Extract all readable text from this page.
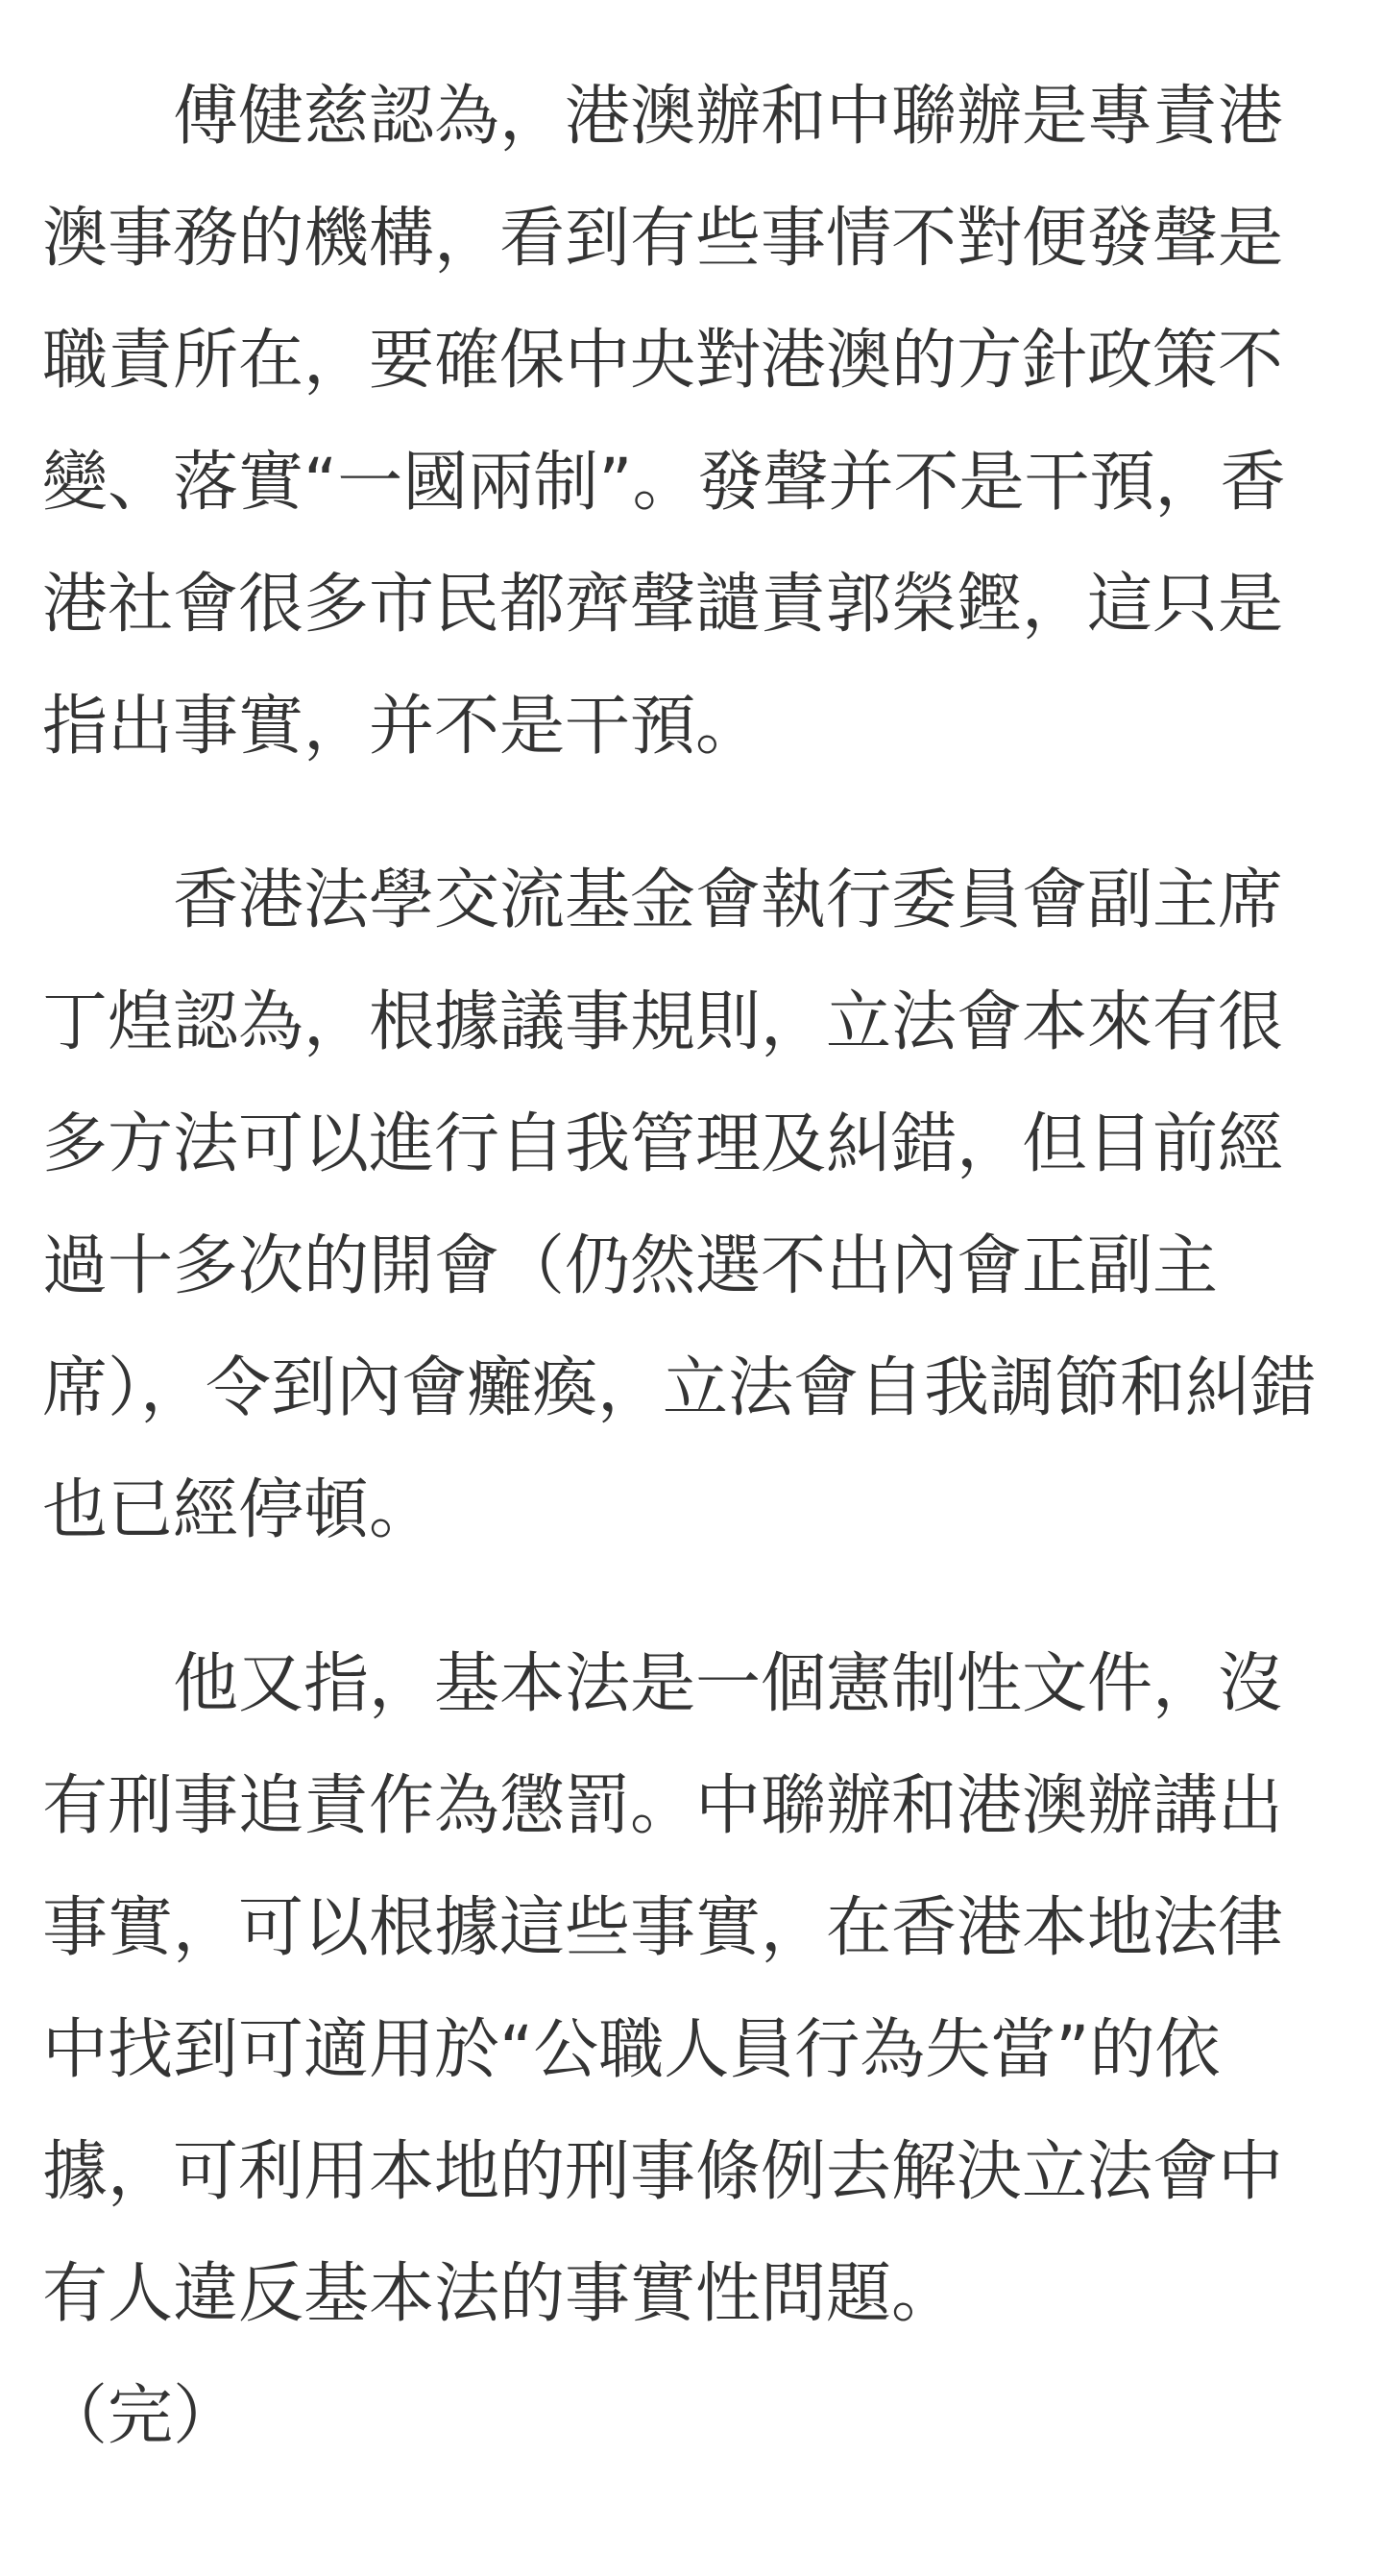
傅健慈認為，港澳辦和中聯辦是專責港澳事務的機構，看到有些事情不對便發聲是職責所在，要確保中央對港澳的方針政策不變、落實“一國兩制”。發聲并不是干預，香港社會很多市民都齊聲譴責郭榮鏗，這只是指出事實，并不是干預。

香港法學交流基金會執行委員會副主席丁煌認為，根據議事規則，立法會本來有很多方法可以進行自我管理及糾錯，但目前經過十多次的開會（仍然選不出內會正副主席），令到內會癱瘓，立法會自我調節和糾錯也已經停頓。

他又指，基本法是一個憲制性文件，沒有刑事追責作為懲罰。中聯辦和港澳辦講出事實，可以根據這些事實，在香港本地法律中找到可適用於“公職人員行為失當”的依據，可利用本地的刑事條例去解決立法會中有人違反基本法的事實性問題。

（完）
